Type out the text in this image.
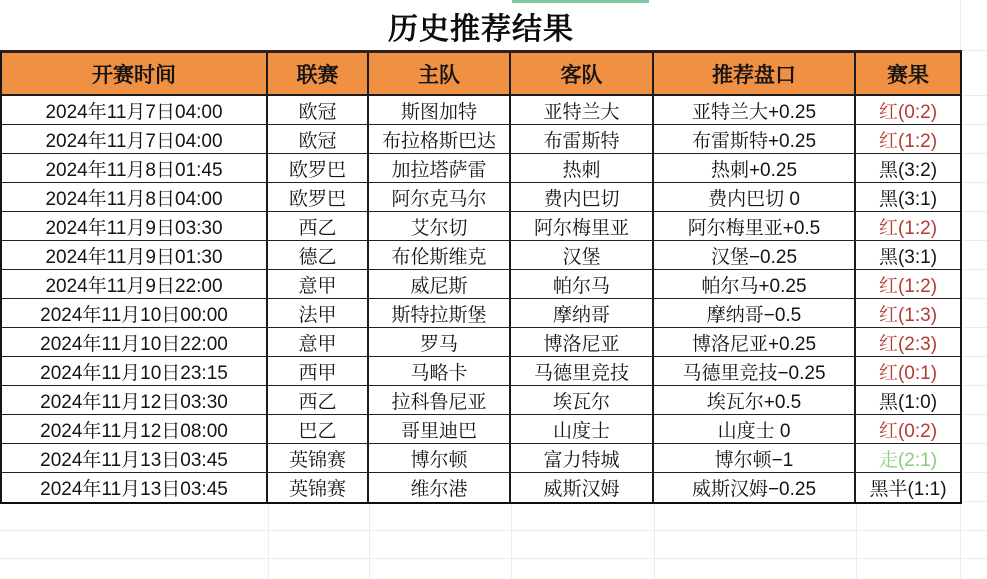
历史推荐结果
开赛时间	联赛	主队	客队	推荐盘口	赛果
2024年11月7日04:00	欧冠	斯图加特	亚特兰大	亚特兰大+0.25	红(0:2)
2024年11月7日04:00	欧冠	布拉格斯巴达	布雷斯特	布雷斯特+0.25	红(1:2)
2024年11月8日01:45	欧罗巴	加拉塔萨雷	热刺	热刺+0.25	黑(3:2)
2024年11月8日04:00	欧罗巴	阿尔克马尔	费内巴切	费内巴切 0	黑(3:1)
2024年11月9日03:30	西乙	艾尔切	阿尔梅里亚	阿尔梅里亚+0.5	红(1:2)
2024年11月9日01:30	德乙	布伦斯维克	汉堡	汉堡−0.25	黑(3:1)
2024年11月9日22:00	意甲	威尼斯	帕尔马	帕尔马+0.25	红(1:2)
2024年11月10日00:00	法甲	斯特拉斯堡	摩纳哥	摩纳哥−0.5	红(1:3)
2024年11月10日22:00	意甲	罗马	博洛尼亚	博洛尼亚+0.25	红(2:3)
2024年11月10日23:15	西甲	马略卡	马德里竞技	马德里竞技−0.25	红(0:1)
2024年11月12日03:30	西乙	拉科鲁尼亚	埃瓦尔	埃瓦尔+0.5	黑(1:0)
2024年11月12日08:00	巴乙	哥里迪巴	山度士	山度士 0	红(0:2)
2024年11月13日03:45	英锦赛	博尔顿	富力特城	博尔顿−1	走(2:1)
2024年11月13日03:45	英锦赛	维尔港	威斯汉姆	威斯汉姆−0.25	黑半(1:1)
